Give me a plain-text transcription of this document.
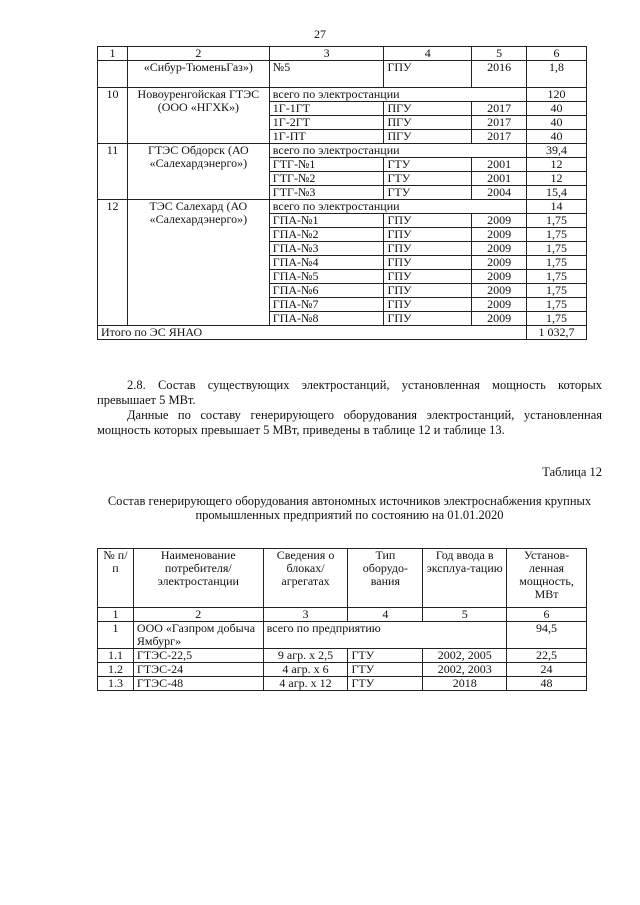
27
1	2	3	4	5	6
	«Сибур-ТюменьГаз»)	№5	ГПУ	2016	1,8
10	Новоуренгойская ГТЭС (ООО «НГХК»)	всего по электростанции			120
		1Г-1ГТ	ПГУ	2017	40
		1Г-2ГТ	ПГУ	2017	40
		1Г-ПТ	ПГУ	2017	40
11	ГТЭС Обдорск (АО «Салехардэнерго»)	всего по электростанции			39,4
		ГТГ-№1	ГТУ	2001	12
		ГТГ-№2	ГТУ	2001	12
		ГТГ-№3	ГТУ	2004	15,4
12	ТЭС Салехард (АО «Салехардэнерго»)	всего по электростанции			14
		ГПА-№1	ГПУ	2009	1,75
		ГПА-№2	ГПУ	2009	1,75
		ГПА-№3	ГПУ	2009	1,75
		ГПА-№4	ГПУ	2009	1,75
		ГПА-№5	ГПУ	2009	1,75
		ГПА-№6	ГПУ	2009	1,75
		ГПА-№7	ГПУ	2009	1,75
		ГПА-№8	ГПУ	2009	1,75
Итого по ЭС ЯНАО					1 032,7
2.8. Состав существующих электростанций, установленная мощность которых превышает 5 МВт.
Данные по составу генерирующего оборудования электростанций, установленная мощность которых превышает 5 МВт, приведены в таблице 12 и таблице 13.
Таблица 12
Состав генерирующего оборудования автономных источников электроснабжения крупных промышленных предприятий по состоянию на 01.01.2020
№ п/п	Наименование потребителя/ электростанции	Сведения о блоках/ агрегатах	Тип оборудо-вания	Год ввода в эксплуа-тацию	Установ-ленная мощность, МВт
1	2	3	4	5	6
1	ООО «Газпром добыча Ямбург»	всего по предприятию			94,5
1.1	ГТЭС-22,5	9 агр. х 2,5	ГТУ	2002, 2005	22,5
1.2	ГТЭС-24	4 агр. х 6	ГТУ	2002, 2003	24
1.3	ГТЭС-48	4 агр. х 12	ГТУ	2018	48
